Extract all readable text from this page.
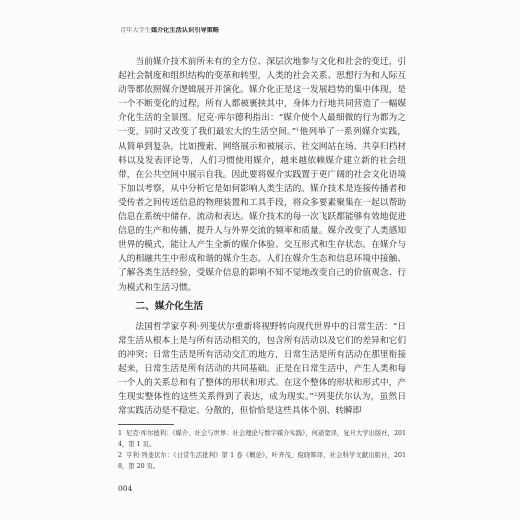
青年大学生媒介化生活认识引导策略

当前媒介技术前所未有的全方位、深层次地参与文化和社会的变迁，引起社会制度和组织结构的变革和转型，人类的社会关系、思想行为和人际互动等都依照媒介逻辑展开并演化。媒介化正是这一发展趋势的集中体现，是一个不断变化的过程，所有人都被裹挟其中，身体力行地共同营造了一幅媒介化生活的全景图。尼克·库尔德利指出：“媒介使个人最细微的行为都为之一变，同时又改变了我们最宏大的生活空间。”$^1$他列举了一系列媒介实践，从简单到复杂，比如搜索、网络展示和被展示、社交网站在场、共享归档材料以及发表评论等，人们习惯使用媒介，越来越依赖媒介建立新的社会纽带，在公共空间中展示自我。因此要将媒介实践置于更广阔的社会文化语境下加以考察，从中分析它是如何影响人类生活的。媒介技术是连接传播者和受传者之间传送信息的物理装置和工具手段，将众多要素聚集在一起以帮助信息在系统中储存、流动和表达。媒介技术的每一次飞跃都能够有效地促进信息的生产和传播，提升人与外界交流的频率和质量。媒介改变了人类感知世界的模式，能让人产生全新的媒介体验、交互形式和生存状态。在媒介与人的相融共生中形成和谐的媒介生态。人们在媒介生态和信息环境中接触、了解各类生活经验，受媒介信息的影响不知不觉地改变自己的价值观念、行为模式和生活习惯。

二、媒介化生活

法国哲学家亨利·列斐伏尔重新将视野转向现代世界中的日常生活：“日常生活从根本上是与所有活动相关的，包含所有活动以及它们的差异和它们的冲突；日常生活是所有活动交汇的地方，日常生活是所有活动在那里衔接起来，日常生活是所有活动的共同基础。正是在日常生活中，产生人类和每一个人的关系总和有了整体的形状和形式。在这个整体的形状和形式中，产生现实整体性的这些关系得到了表达，成为现实。”$^2$列斐伏尔认为，虽然日常实践活动是不稳定、分散的，但恰恰是这些具体个别、转瞬即

1 尼克·库尔德利：《媒介、社会与世界：社会理论与数字媒介实践》，何道宽译，复旦大学出版社，2014，第 1 页。

2 亨利·列斐伏尔：《日常生活批判》第 1 卷《概论》，叶齐茂、倪晓晖译，社会科学文献出版社，2018，第 20 页。

004
